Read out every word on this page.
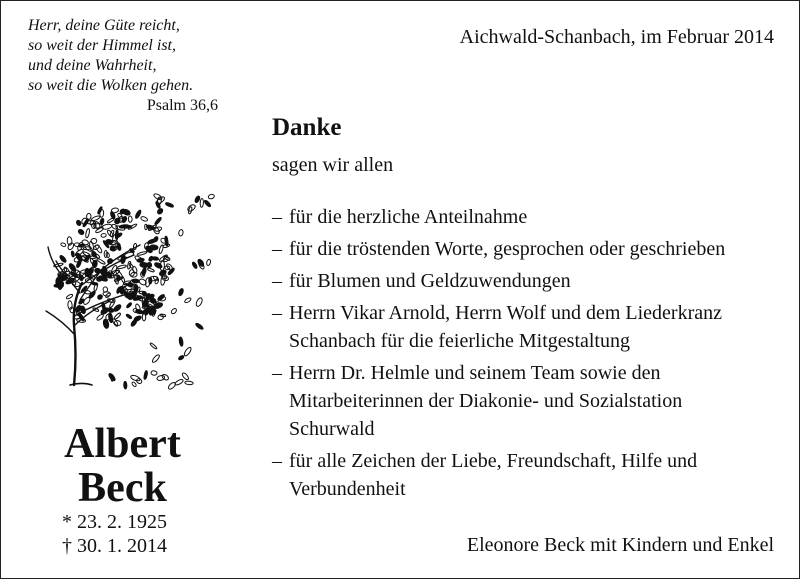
Herr, deine Güte reicht,
so weit der Himmel ist,
und deine Wahrheit,
so weit die Wolken gehen.
Psalm 36,6
Aichwald-Schanbach, im Februar 2014
Albert
Beck
* 23. 2. 1925
† 30. 1. 2014
Danke
sagen wir allen
– für die herzliche Anteilnahme
– für die tröstenden Worte, gesprochen oder geschrieben
– für Blumen und Geldzuwendungen
– Herrn Vikar Arnold, Herrn Wolf und dem Liederkranz
Schanbach für die feierliche Mitgestaltung
– Herrn Dr. Helmle und seinem Team sowie den
Mitarbeiterinnen der Diakonie- und Sozialstation
Schurwald
– für alle Zeichen der Liebe, Freundschaft, Hilfe und
Verbundenheit
Eleonore Beck mit Kindern und Enkel
